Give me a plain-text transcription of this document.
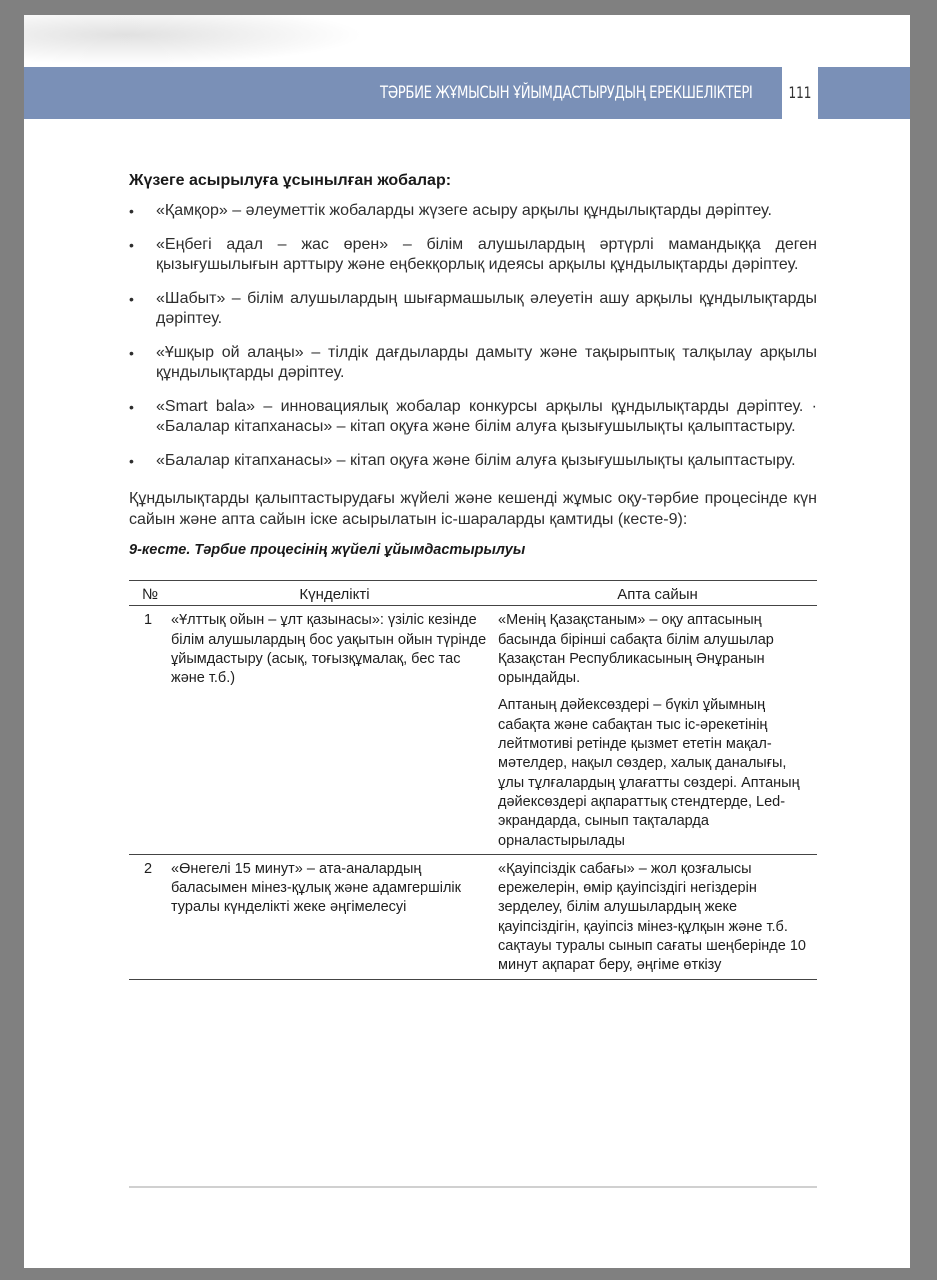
ТӘРБИЕ ЖҰМЫСЫН ҰЙЫМДАСТЫРУДЫҢ ЕРЕКШЕЛІКТЕРІ 111
Жүзеге асырылуға ұсынылған жобалар:
• «Қамқор» – әлеуметтік жобаларды жүзеге асыру арқылы құндылықтарды дәріптеу.
• «Еңбегі адал – жас өрен» – білім алушылардың әртүрлі мамандыққа деген қызығушылығын арттыру және еңбекқорлық идеясы арқылы құндылықтарды дәріптеу.
• «Шабыт» – білім алушылардың шығармашылық әлеуетін ашу арқылы құндылықтарды дәріптеу.
• «Ұшқыр ой алаңы» – тілдік дағдыларды дамыту және тақырыптық талқылау арқылы құндылықтарды дәріптеу.
• «Smart bala» – инновациялық жобалар конкурсы арқылы құндылықтарды дәріптеу. · «Балалар кітапханасы» – кітап оқуға және білім алуға қызығушылықты қалыптастыру.
• «Балалар кітапханасы» – кітап оқуға және білім алуға қызығушылықты қалыптастыру.
Құндылықтарды қалыптастырудағы жүйелі және кешенді жұмыс оқу-тәрбие процесінде күн сайын және апта сайын іске асырылатын іс-шараларды қамтиды (кесте-9):
9-кесте. Тәрбие процесінің жүйелі ұйымдастырылуы
№	Күнделікті	Апта сайын
1	«Ұлттық ойын – ұлт қазынасы»: үзіліс кезінде білім алушылардың бос уақытын ойын түрінде ұйымдастыру (асық, тоғызқұмалақ, бес тас және т.б.)	«Менің Қазақстаным» – оқу аптасының басында бірінші сабақта білім алушылар Қазақстан Республикасының Әнұранын орындайды.

Аптаның дәйексөздері – бүкіл ұйымның сабақта және сабақтан тыс іс-әрекетінің лейтмотиві ретінде қызмет ететін мақал-мәтелдер, нақыл сөздер, халық даналығы, ұлы тұлғалардың ұлағатты сөздері. Аптаның дәйексөздері ақпараттық стендтерде, Led-экрандарда, сынып тақталарда орналастырылады

2	«Өнегелі 15 минут» – ата-аналардың баласымен мінез-құлық және адамгершілік туралы күнделікті жеке әңгімелесуі	«Қауіпсіздік сабағы» – жол қозғалысы ережелерін, өмір қауіпсіздігі негіздерін зерделеу, білім алушылардың жеке қауіпсіздігін, қауіпсіз мінез-құлқын және т.б. сақтауы туралы сынып сағаты шеңберінде 10 минут ақпарат беру, әңгіме өткізу
